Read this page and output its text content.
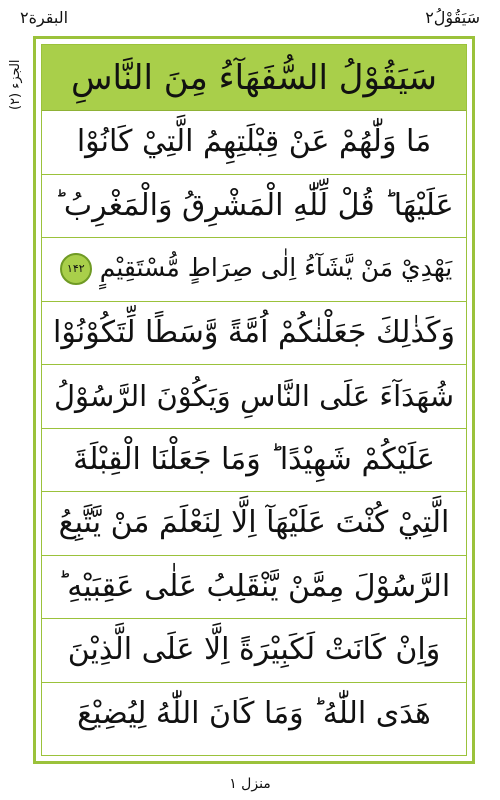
البقرة۲	سَيَقُوْلُ۲
الجزء (۲) سَيَقُوْلُ السُّفَهَآءُ مِنَ النَّاسِ
مَا وَلّٰهُمْ عَنْ قِبْلَتِهِمُ الَّتِيْ كَانُوْا
عَلَيْهَا ؕ قُلْ لِّلّٰهِ الْمَشْرِقُ وَالْمَغْرِبُ ؕ
يَهْدِيْ مَنْ يَّشَآءُ اِلٰى صِرَاطٍ مُّسْتَقِيْمٍ ۱۴۲
وَكَذٰلِكَ جَعَلْنٰكُمْ اُمَّةً وَّسَطًا لِّتَكُوْنُوْا
شُهَدَآءَ عَلَى النَّاسِ وَيَكُوْنَ الرَّسُوْلُ
عَلَيْكُمْ شَهِيْدًا ؕ وَمَا جَعَلْنَا الْقِبْلَةَ
الَّتِيْ كُنْتَ عَلَيْهَآ اِلَّا لِنَعْلَمَ مَنْ يَّتَّبِعُ
الرَّسُوْلَ مِمَّنْ يَّنْقَلِبُ عَلٰى عَقِبَيْهِ ؕ
وَاِنْ كَانَتْ لَكَبِيْرَةً اِلَّا عَلَى الَّذِيْنَ
هَدَى اللّٰهُ ؕ وَمَا كَانَ اللّٰهُ لِيُضِيْعَ
منزل ۱
